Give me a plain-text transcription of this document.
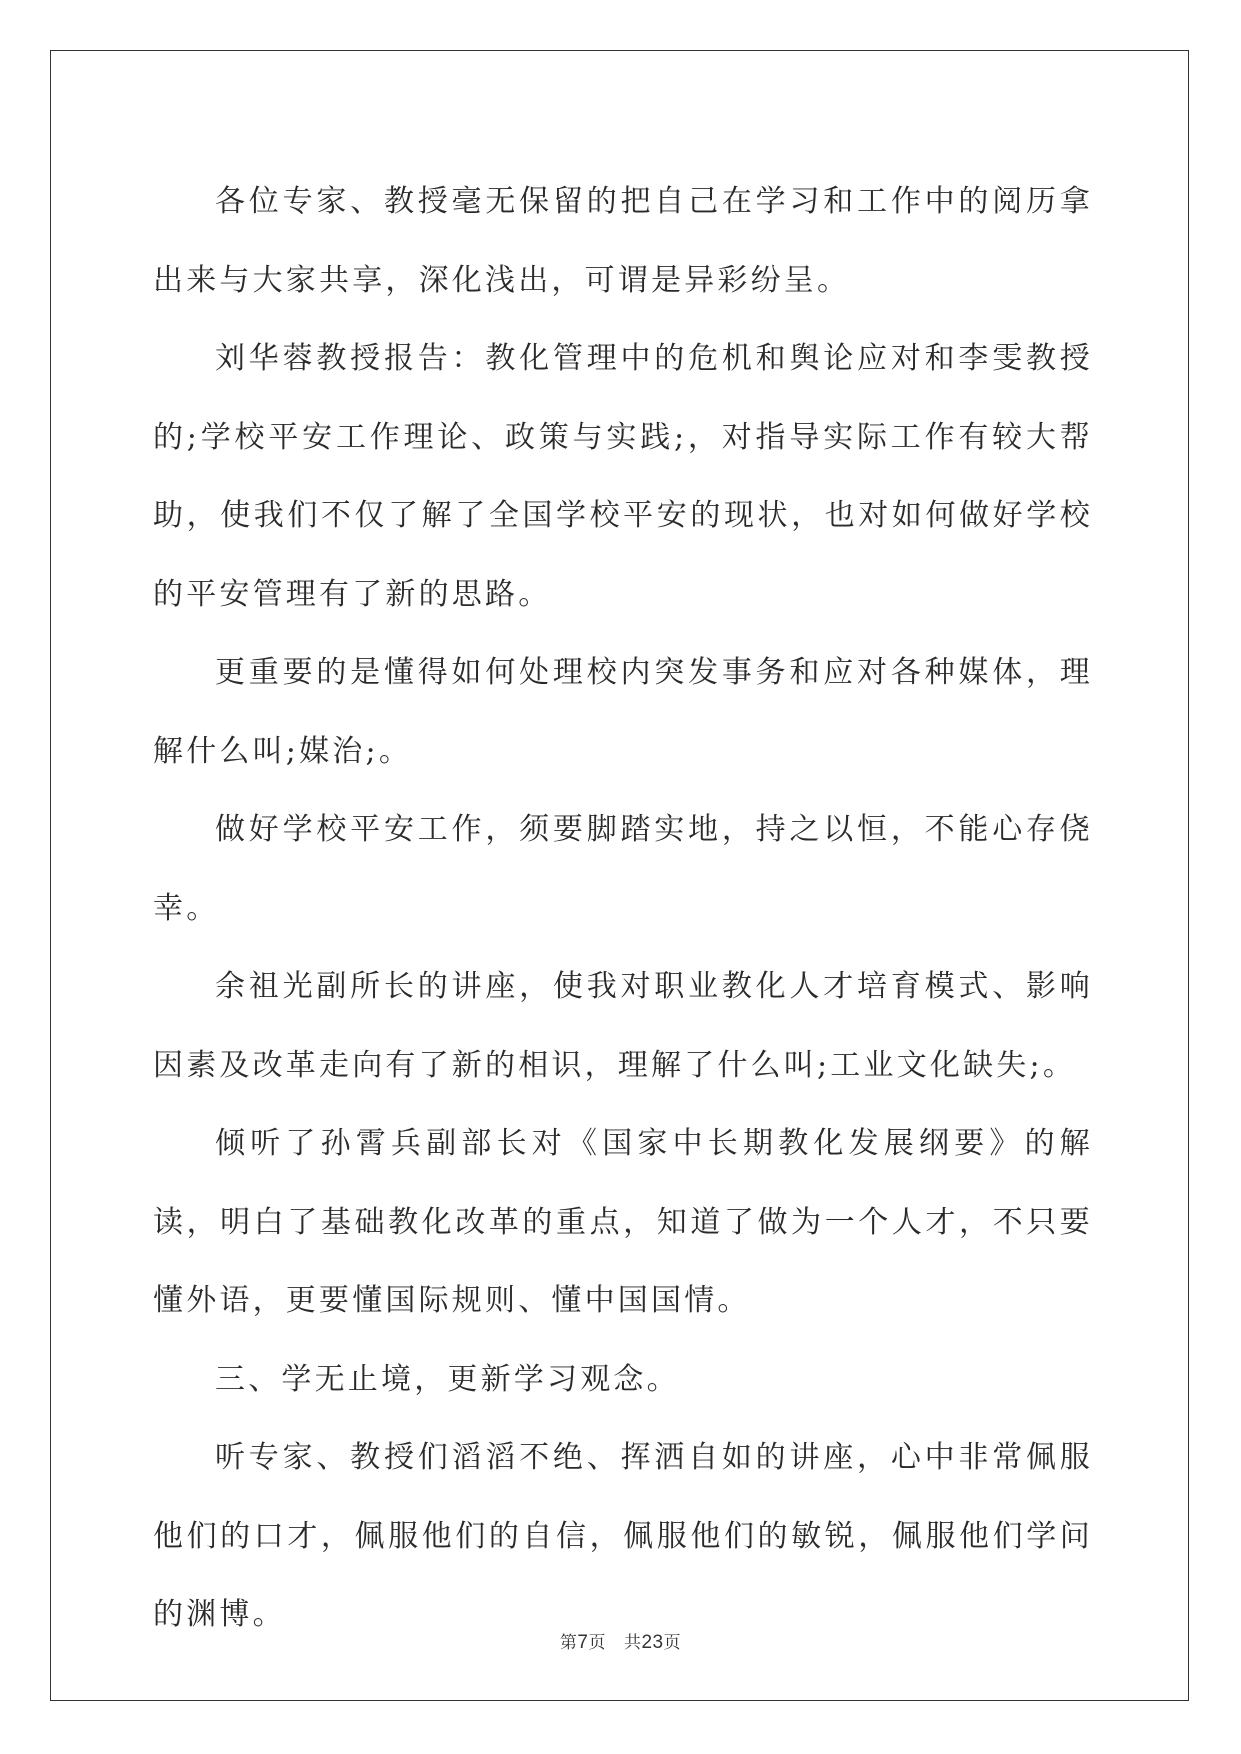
各位专家、教授毫无保留的把自己在学习和工作中的阅历拿出来与大家共享，深化浅出，可谓是异彩纷呈。

刘华蓉教授报告：教化管理中的危机和舆论应对和李雯教授的;学校平安工作理论、政策与实践;，对指导实际工作有较大帮助，使我们不仅了解了全国学校平安的现状，也对如何做好学校的平安管理有了新的思路。

更重要的是懂得如何处理校内突发事务和应对各种媒体，理解什么叫;媒治;。

做好学校平安工作，须要脚踏实地，持之以恒，不能心存侥幸。

余祖光副所长的讲座，使我对职业教化人才培育模式、影响因素及改革走向有了新的相识，理解了什么叫;工业文化缺失;。

倾听了孙霄兵副部长对《国家中长期教化发展纲要》的解读，明白了基础教化改革的重点，知道了做为一个人才，不只要懂外语，更要懂国际规则、懂中国国情。

三、学无止境，更新学习观念。

听专家、教授们滔滔不绝、挥洒自如的讲座，心中非常佩服他们的口才，佩服他们的自信，佩服他们的敏锐，佩服他们学问的渊博。

第7页 共23页
